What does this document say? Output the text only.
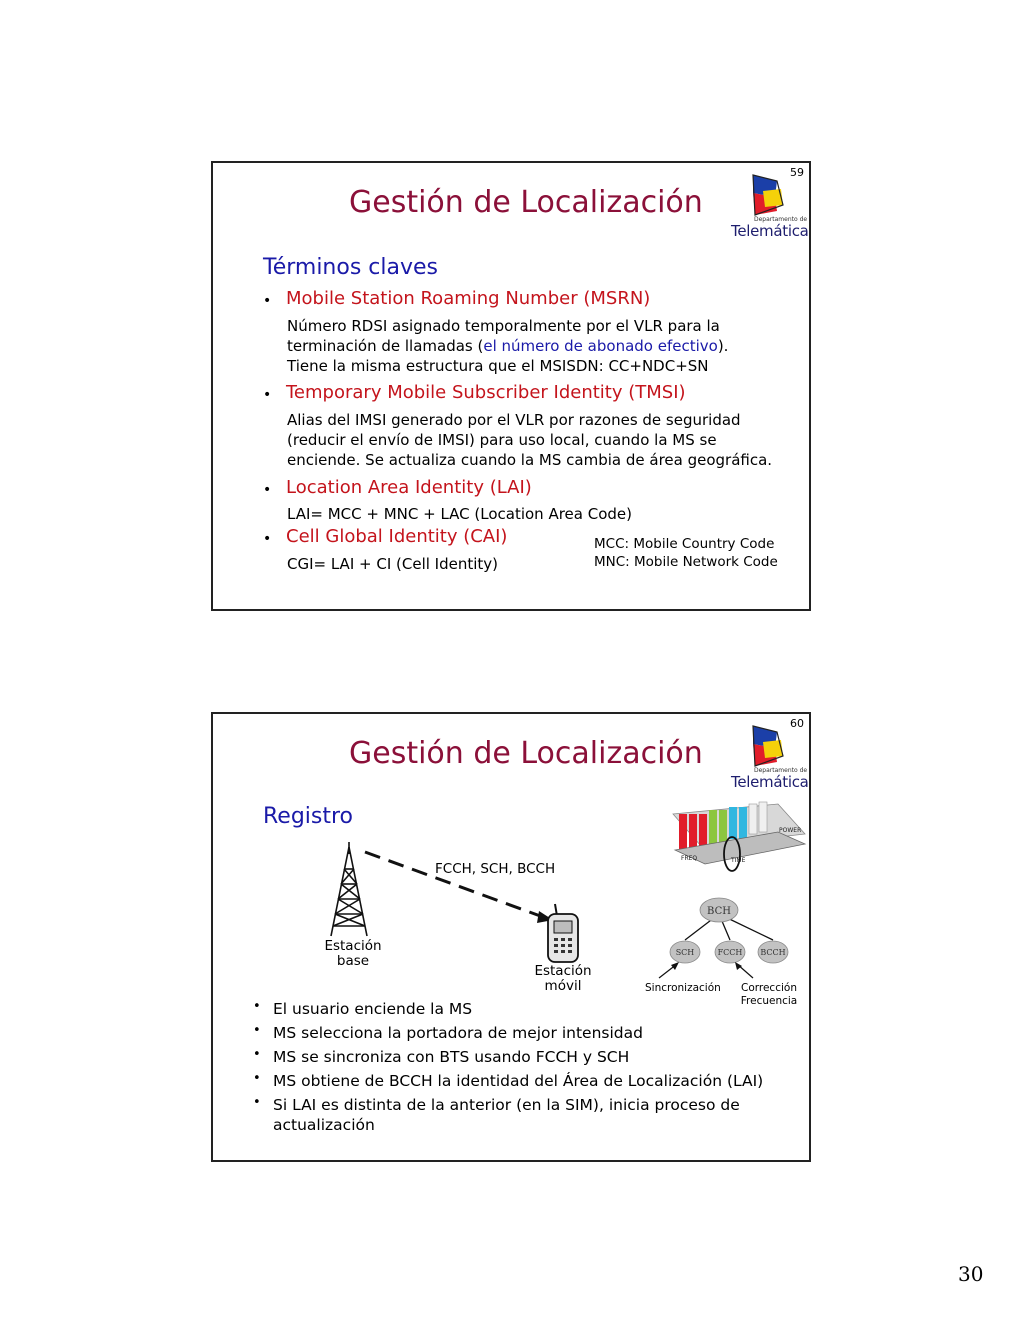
59
Departamento de
Telemática
Gestión de Localización
Términos claves
• Mobile Station Roaming Number (MSRN)
Número RDSI asignado temporalmente por el VLR para la
terminación de llamadas (el número de abonado efectivo).
Tiene la misma estructura que el MSISDN: CC+NDC+SN
• Temporary Mobile Subscriber Identity (TMSI)
Alias del IMSI generado por el VLR por razones de seguridad
(reducir el envío de IMSI) para uso local, cuando la MS se
enciende. Se actualiza cuando la MS cambia de área geográfica.
• Location Area Identity (LAI)
LAI= MCC + MNC + LAC (Location Area Code)
• Cell Global Identity (CAI)
CGI= LAI + CI (Cell Identity)
MCC: Mobile Country Code
MNC: Mobile Network Code
60
Departamento de
Telemática
Gestión de Localización
Registro
FREQ	TIME
POWER
BCH
SCH	FCCH BCCH
Estación
base
Estación
móvil
FCCH, SCH, BCCH
Sincronización	Corrección
Frecuencia
• El usuario enciende la MS
• MS selecciona la portadora de mejor intensidad
• MS se sincroniza con BTS usando FCCH y SCH
• MS obtiene de BCCH la identidad del Área de Localización (LAI)
• Si LAI es distinta de la anterior (en la SIM), inicia proceso de actualización
30
